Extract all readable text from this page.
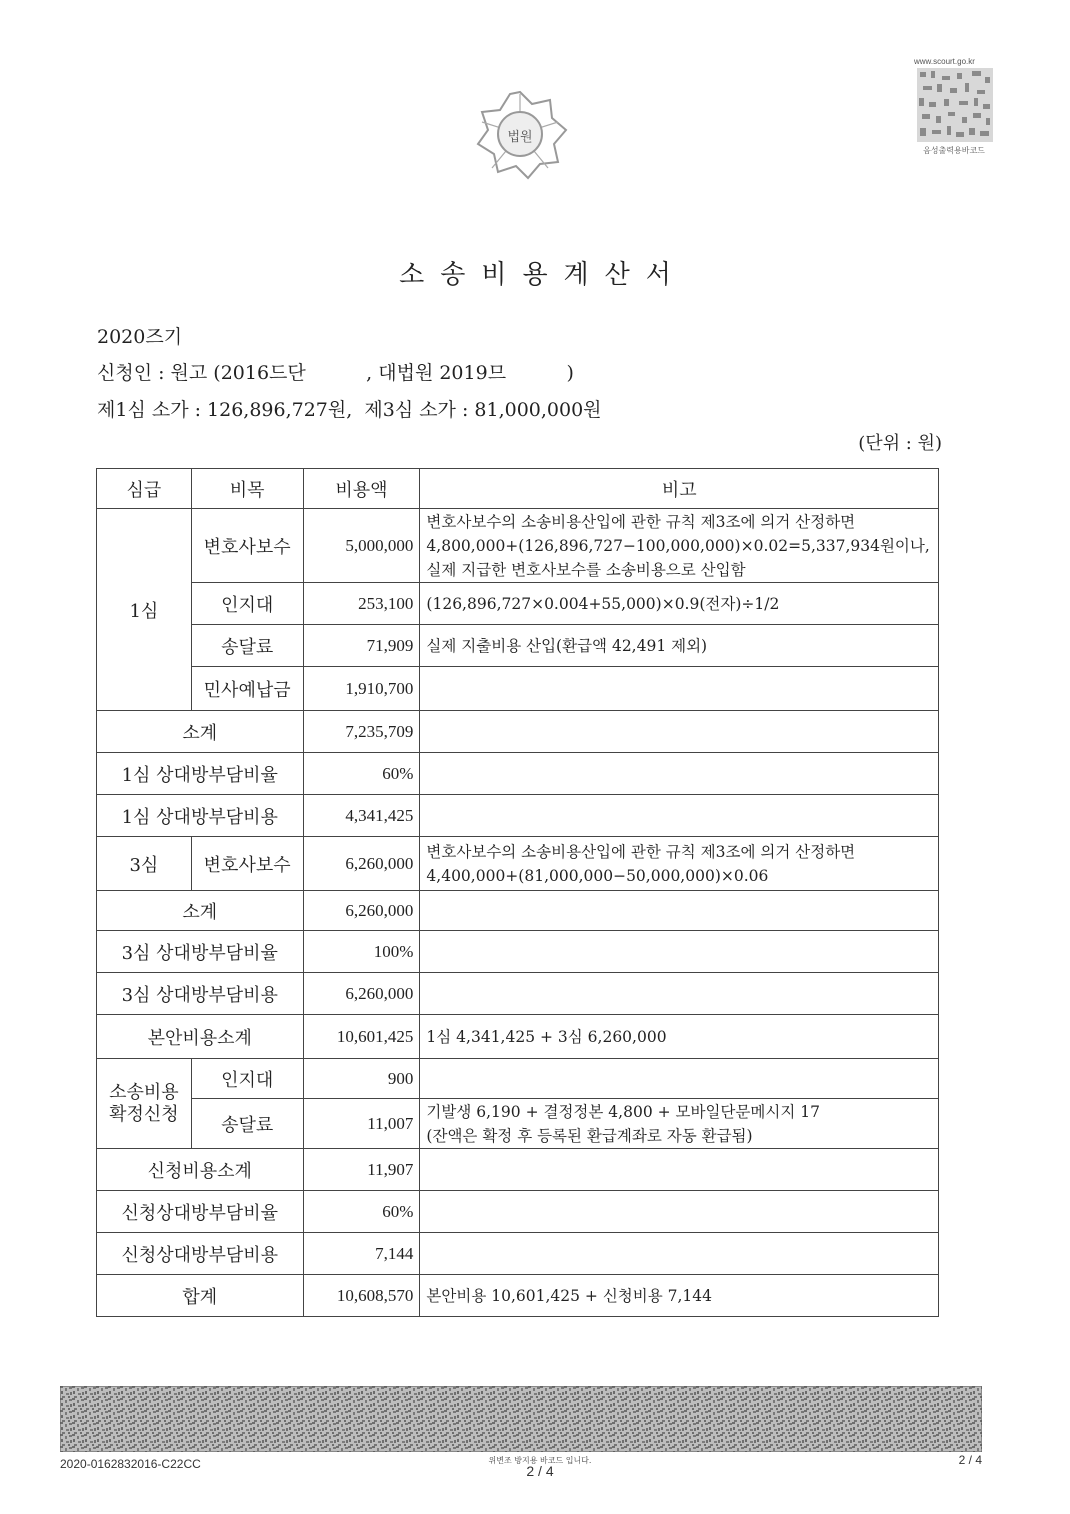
법원
www.scourt.go.kr
음성출력용바코드
소송비용계산서
2020즈기
신청인 : 원고 (2016드단          , 대법원 2019므          )
제1심 소가 : 126,896,727원,  제3심 소가 : 81,000,000원
(단위 : 원)
심급	비목	비용액	비고
1심	변호사보수	5,000,000	변호사보수의 소송비용산입에 관한 규칙 제3조에 의거 산정하면
4,800,000+(126,896,727−100,000,000)×0.02=5,337,934원이나,
실제 지급한 변호사보수를 소송비용으로 산입함

	인지대	253,100	(126,896,727×0.004+55,000)×0.9(전자)÷1/2
	송달료	71,909	실제 지출비용 산입(환급액 42,491 제외)
	민사예납금	1,910,700	
소계		7,235,709	
1심 상대방부담비율		60%	
1심 상대방부담비용		4,341,425	
3심	변호사보수	6,260,000	변호사보수의 소송비용산입에 관한 규칙 제3조에 의거 산정하면
4,400,000+(81,000,000−50,000,000)×0.06

소계		6,260,000	
3심 상대방부담비율		100%	
3심 상대방부담비용		6,260,000	
본안비용소계		10,601,425	1심 4,341,425 + 3심 6,260,000

소송비용
확정신청	인지대	900	
	송달료	11,007	기발생 6,190 + 결정정본 4,800 + 모바일단문메시지 17
(잔액은 확정 후 등록된 환급계좌로 자동 환급됨)

신청비용소계		11,907	
신청상대방부담비율		60%	
신청상대방부담비용		7,144	
합계		10,608,570	본안비용 10,601,425 + 신청비용 7,144
2020-0162832016-C22CC	위변조 방지용 바코드 입니다.
2 / 4
2 / 4
